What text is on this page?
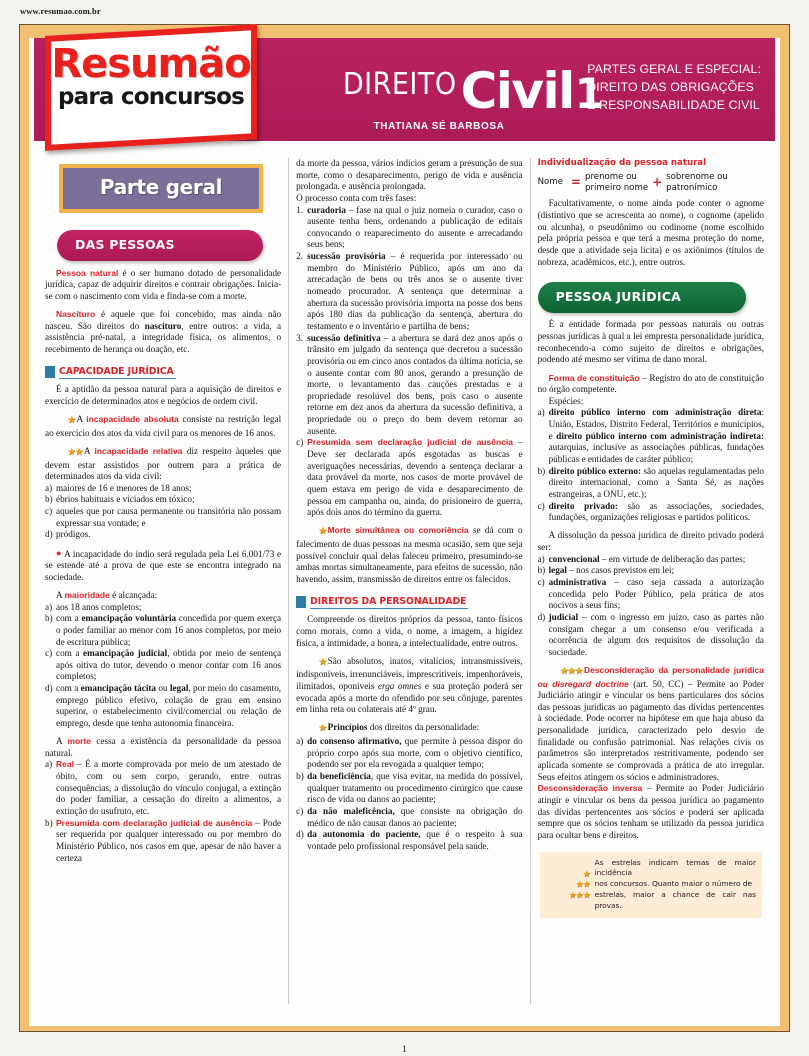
www.resumao.com.br
Resumão
para concursos	DIREITOCivil1
THATIANA SÉ BARBOSA
PARTES GERAL E ESPECIAL:
DIREITO DAS OBRIGAÇÕES
E RESPONSABILIDADE CIVIL
Parte geral
DAS PESSOAS

Pessoa natural é o ser humano dotado de personalidade jurídica, capaz de adquirir direitos e contrair obrigações. Inicia-se com o nascimento com vida e finda-se com a morte.

Nascituro é aquele que foi concebido, mas ainda não nasceu. São direitos do nascituro, entre outros: a vida, a assistência pré-natal, a integridade física, os alimentos, o recebimento de herança ou doação, etc.

CAPACIDADE JURÍDICA

É a aptidão da pessoa natural para a aquisição de direitos e exercício de determinados atos e negócios de ordem civil.

★ A incapacidade absoluta consiste na restrição legal ao exercício dos atos da vida civil para os menores de 16 anos.

★★ A incapacidade relativa diz respeito àqueles que devem estar assistidos por outrem para a prática de determinados atos da vida civil:

a) maiores de 16 e menores de 18 anos;

b) ébrios habituais e viciados em tóxico;

c) aqueles que por causa permanente ou transitória não possam expressar sua vontade; e

d) pródigos.

● A incapacidade do índio será regulada pela Lei 6.001/73 e se estende até a prova de que este se encontra integrado na sociedade.

A maioridade é alcançada:

a) aos 18 anos completos;

b) com a emancipação voluntária concedida por quem exerça o poder familiar ao menor com 16 anos completos, por meio de escritura pública;

c) com a emancipação judicial, obtida por meio de sentença após oitiva do tutor, devendo o menor contar com 16 anos completos;

d) com a emancipação tácita ou legal, por meio do casamento, emprego público efetivo, colação de grau em ensino superior, o estabelecimento civil/comercial ou relação de emprego, desde que tenha autonomia financeira.

A morte cessa a existência da personalidade da pessoa natural.

a) Real – É a morte comprovada por meio de um atestado de óbito, com ou sem corpo, gerando, entre outras consequências, a dissolução do vínculo conjugal, a extinção do poder familiar, a cessação do direito a alimentos, a extinção do usufruto, etc.

b) Presumida com declaração judicial de ausência – Pode ser requerida por qualquer interessado ou por membro do Ministério Público, nos casos em que, apesar de não haver a certeza

da morte da pessoa, vários indícios geram a presunção de sua morte, como o desaparecimento, perigo de vida e ausência prolongada. e ausência prolongada.

O processo conta com três fases:

1. curadoria – fase na qual o juiz nomeia o curador, caso o ausente tenha bens, ordenando a publicação de editais convocando o reaparecimento do ausente e arrecadando seus bens;

2. sucessão provisória – é requerida por interessado ou membro do Ministério Público, após um ano da arrecadação de bens ou três anos se o ausente tiver nomeado procurador. A sentença que determinar a abertura da sucessão provisória importa na posse dos bens após 180 dias da publicação da sentença, abertura do testamento e o inventário e partilha de bens;

3. sucessão definitiva – a abertura se dará dez anos após o trânsito em julgado da sentença que decretou a sucessão provisória ou em cinco anos contados da última notícia, se o ausente contar com 80 anos, gerando a presunção de morte, o levantamento das cauções prestadas e a propriedade resolúvel dos bens, pois caso o ausente retorne em dez anos da abertura da sucessão definitiva, a propriedade ou o preço do bem devem retornar ao ausente.

c) Presumida sem declaração judicial de ausência – Deve ser declarada após esgotadas as buscas e averiguações necessárias, devendo a sentença declarar a data provável da morte, nos casos de morte provável de quem estava em perigo de vida e desaparecimento de pessoa em campanha ou, ainda, do prisioneiro de guerra, após dois anos do término da guerra.

★ Morte simultânea ou comoriência se dá com o falecimento de duas pessoas na mesma ocasião, sem que seja possível concluir qual delas faleceu primeiro, presumindo-se ambas mortas simultaneamente, para efeitos de sucessão, não havendo, assim, transmissão de direitos entre os falecidos.

DIREITOS DA PERSONALIDADE

Compreende os direitos próprios da pessoa, tanto físicos como morais, como a vida, o nome, a imagem, a higidez física, a intimidade, a honra, a intelectualidade, entre outros.

★ São absolutos, inatos, vitalícios, intransmissíveis, indisponíveis, irrenunciáveis, imprescritíveis, impenhoráveis, ilimitados, oponíveis erga omnes e sua proteção poderá ser evocada após a morte do ofendido por seu cônjuge, parentes em linha reta ou colaterais até 4º grau.

★ Princípios dos direitos da personalidade:

a) do consenso afirmativo, que permite à pessoa dispor do próprio corpo após sua morte, com o objetivo científico, podendo ser por ela revogada a qualquer tempo;

b) da beneficiência, que visa evitar, na medida do possível, qualquer tratamento ou procedimento cirúrgico que cause risco de vida ou danos ao paciente;

c) da não maleficência, que consiste na obrigação do médico de não causar danos ao paciente;

d) da autonomia do paciente, que é o respeito à sua vontade pelo profissional responsável pela saúde.

Individualização da pessoa natural
Nome = prenome ou
primeiro nome + sobrenome ou
patronímico

Facultativamente, o nome ainda pode conter o agnome (distintivo que se acrescenta ao nome), o cognome (apelido ou alcunha), o pseudônimo ou codinome (nome escolhido pela própria pessoa e que terá a mesma proteção do nome, desde que a atividade seja lícita) e os axiônimos (títulos de nobreza, acadêmicos, etc.), entre outros.

PESSOA JURÍDICA

É a entidade formada por pessoas naturais ou outras pessoas jurídicas à qual a lei empresta personalidade jurídica, reconhecendo-a como sujeito de direitos e obrigações, podendo até mesmo ser vítima de dano moral.

Forma de constituição – Registro do ato de constituição no órgão competente.

Espécies:

a) direito público interno com administração direta: União, Estados, Distrito Federal, Territórios e municípios, e direito público interno com administração indireta: autarquias, inclusive as associações públicas, fundações públicas e entidades de caráter público;

b) direito público externo: são aquelas regulamentadas pelo direito internacional, como a Santa Sé, as nações estrangeiras, a ONU, etc.);

c) direito privado: são as associações, sociedades, fundações, organizações religiosas e partidos políticos.

A dissolução da pessoa jurídica de direito privado poderá ser:

a) convencional – em virtude de deliberação das partes;

b) legal – nos casos previstos em lei;

c) administrativa – caso seja cassada a autorização concedida pelo Poder Público, pela prática de atos nocivos a seus fins;

d) judicial – com o ingresso em juízo, caso as partes não consigam chegar a um consenso e/ou verificada a ocorrência de algum dos requisitos de dissolução da sociedade.

★★★ Desconsideração da personalidade jurídica ou disregard doctrine (art. 50, CC) – Permite ao Poder Judiciário atingir e vincular os bens particulares dos sócios das pessoas jurídicas ao pagamento das dívidas pertencentes à sociedade. Pode ocorrer na hipótese em que haja abuso da personalidade jurídica, caracterizado pelo desvio de finalidade ou confusão patrimonial. Nas relações civis os parâmetros são interpretados restritivamente, podendo ser aplicada somente se comprovada a prática de ato irregular. Seus efeitos atingem os sócios e administradores.

Desconsideração inversa – Permite ao Poder Judiciário atingir e vincular os bens da pessoa jurídica ao pagamento das dívidas pertencentes aos sócios e poderá ser aplicada sempre que os sócios tenham se utilizado da pessoa jurídica para ocultar bens e direitos.

★
★★
★★★
As estrelas indicam temas de maior incidência
nos concursos. Quanto maior o número de
estrelas, maior a chance de cair nas provas.
1
